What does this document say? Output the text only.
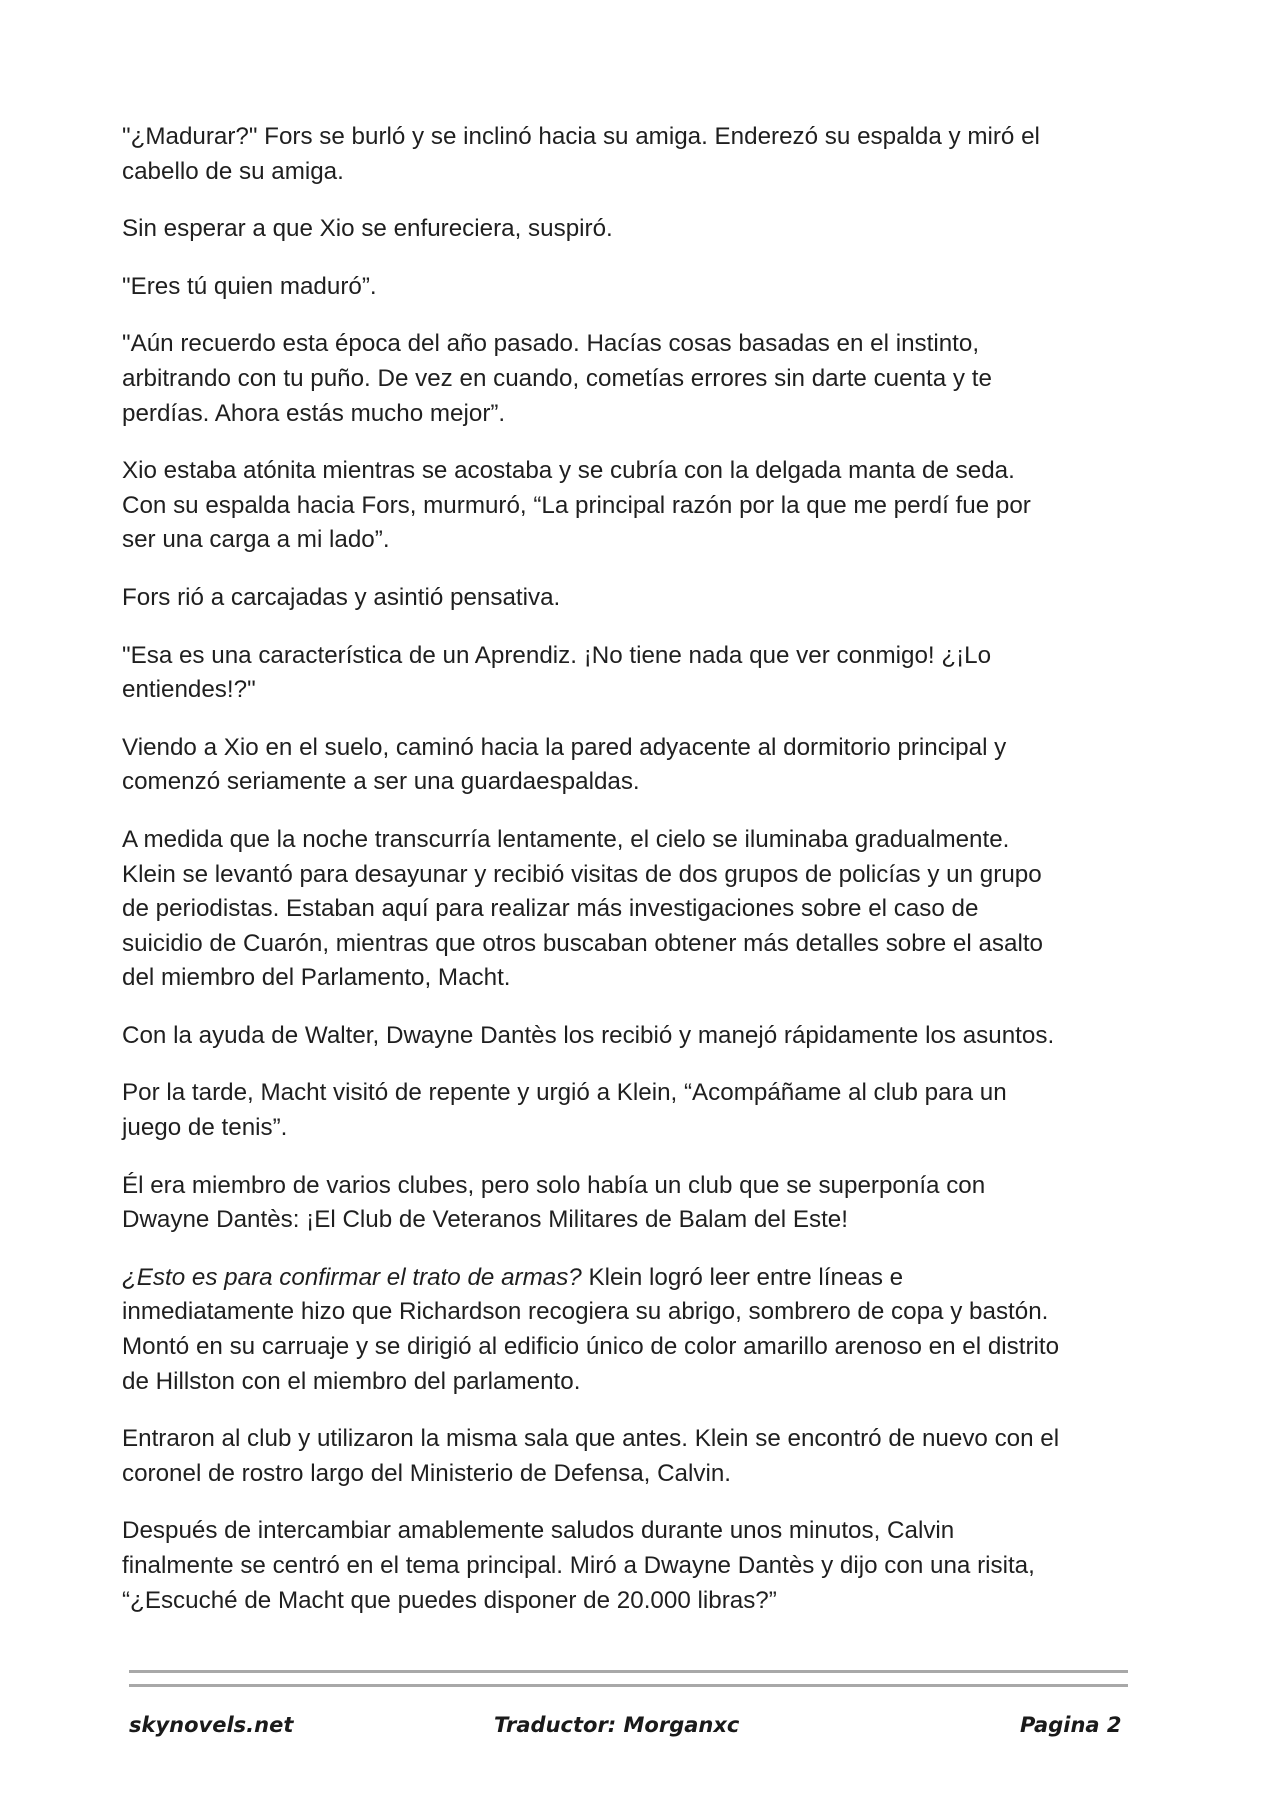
"¿Madurar?" Fors se burló y se inclinó hacia su amiga. Enderezó su espalda y miró el
cabello de su amiga.

Sin esperar a que Xio se enfureciera, suspiró.

"Eres tú quien maduró”.

"Aún recuerdo esta época del año pasado. Hacías cosas basadas en el instinto,
arbitrando con tu puño. De vez en cuando, cometías errores sin darte cuenta y te
perdías. Ahora estás mucho mejor”.

Xio estaba atónita mientras se acostaba y se cubría con la delgada manta de seda.
Con su espalda hacia Fors, murmuró, “La principal razón por la que me perdí fue por
ser una carga a mi lado”.

Fors rió a carcajadas y asintió pensativa.

"Esa es una característica de un Aprendiz. ¡No tiene nada que ver conmigo! ¿¡Lo
entiendes!?"

Viendo a Xio en el suelo, caminó hacia la pared adyacente al dormitorio principal y
comenzó seriamente a ser una guardaespaldas.

A medida que la noche transcurría lentamente, el cielo se iluminaba gradualmente.
Klein se levantó para desayunar y recibió visitas de dos grupos de policías y un grupo
de periodistas. Estaban aquí para realizar más investigaciones sobre el caso de
suicidio de Cuarón, mientras que otros buscaban obtener más detalles sobre el asalto
del miembro del Parlamento, Macht.

Con la ayuda de Walter, Dwayne Dantès los recibió y manejó rápidamente los asuntos.

Por la tarde, Macht visitó de repente y urgió a Klein, “Acompáñame al club para un
juego de tenis”.

Él era miembro de varios clubes, pero solo había un club que se superponía con
Dwayne Dantès: ¡El Club de Veteranos Militares de Balam del Este!

¿Esto es para confirmar el trato de armas? Klein logró leer entre líneas e
inmediatamente hizo que Richardson recogiera su abrigo, sombrero de copa y bastón.
Montó en su carruaje y se dirigió al edificio único de color amarillo arenoso en el distrito
de Hillston con el miembro del parlamento.

Entraron al club y utilizaron la misma sala que antes. Klein se encontró de nuevo con el
coronel de rostro largo del Ministerio de Defensa, Calvin.

Después de intercambiar amablemente saludos durante unos minutos, Calvin
finalmente se centró en el tema principal. Miró a Dwayne Dantès y dijo con una risita,
“¿Escuché de Macht que puedes disponer de 20.000 libras?”

skynovels.net	Traductor: Morganxc	Pagina 2
